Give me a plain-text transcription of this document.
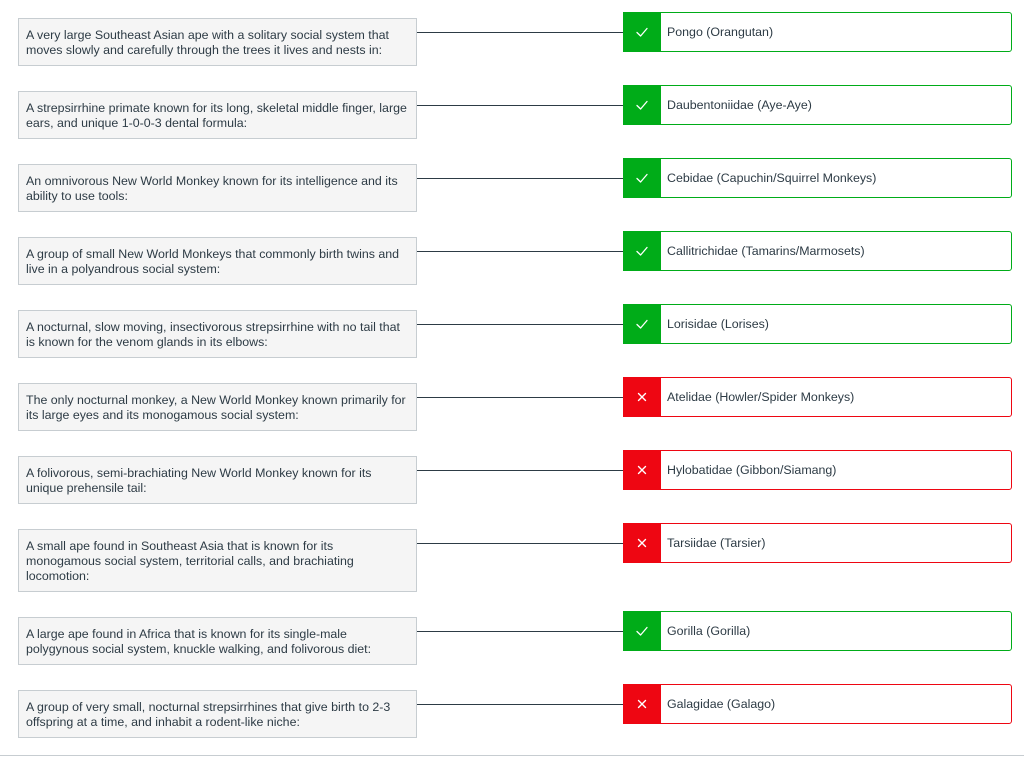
A very large Southeast Asian ape with a solitary social system that moves slowly and carefully through the trees it lives and nests in:
Pongo (Orangutan)
A strepsirrhine primate known for its long, skeletal middle finger, large ears, and unique 1-0-0-3 dental formula:
Daubentoniidae (Aye-Aye)
An omnivorous New World Monkey known for its intelligence and its ability to use tools:
Cebidae (Capuchin/Squirrel Monkeys)
A group of small New World Monkeys that commonly birth twins and live in a polyandrous social system:
Callitrichidae (Tamarins/Marmosets)
A nocturnal, slow moving, insectivorous strepsirrhine with no tail that is known for the venom glands in its elbows:
Lorisidae (Lorises)
The only nocturnal monkey, a New World Monkey known primarily for its large eyes and its monogamous social system:
Atelidae (Howler/Spider Monkeys)
A folivorous, semi-brachiating New World Monkey known for its unique prehensile tail:
Hylobatidae (Gibbon/Siamang)
A small ape found in Southeast Asia that is known for its monogamous social system, territorial calls, and brachiating locomotion:
Tarsiidae (Tarsier)
A large ape found in Africa that is known for its single-male polygynous social system, knuckle walking, and folivorous diet:
Gorilla (Gorilla)
A group of very small, nocturnal strepsirrhines that give birth to 2-3 offspring at a time, and inhabit a rodent-like niche:
Galagidae (Galago)
